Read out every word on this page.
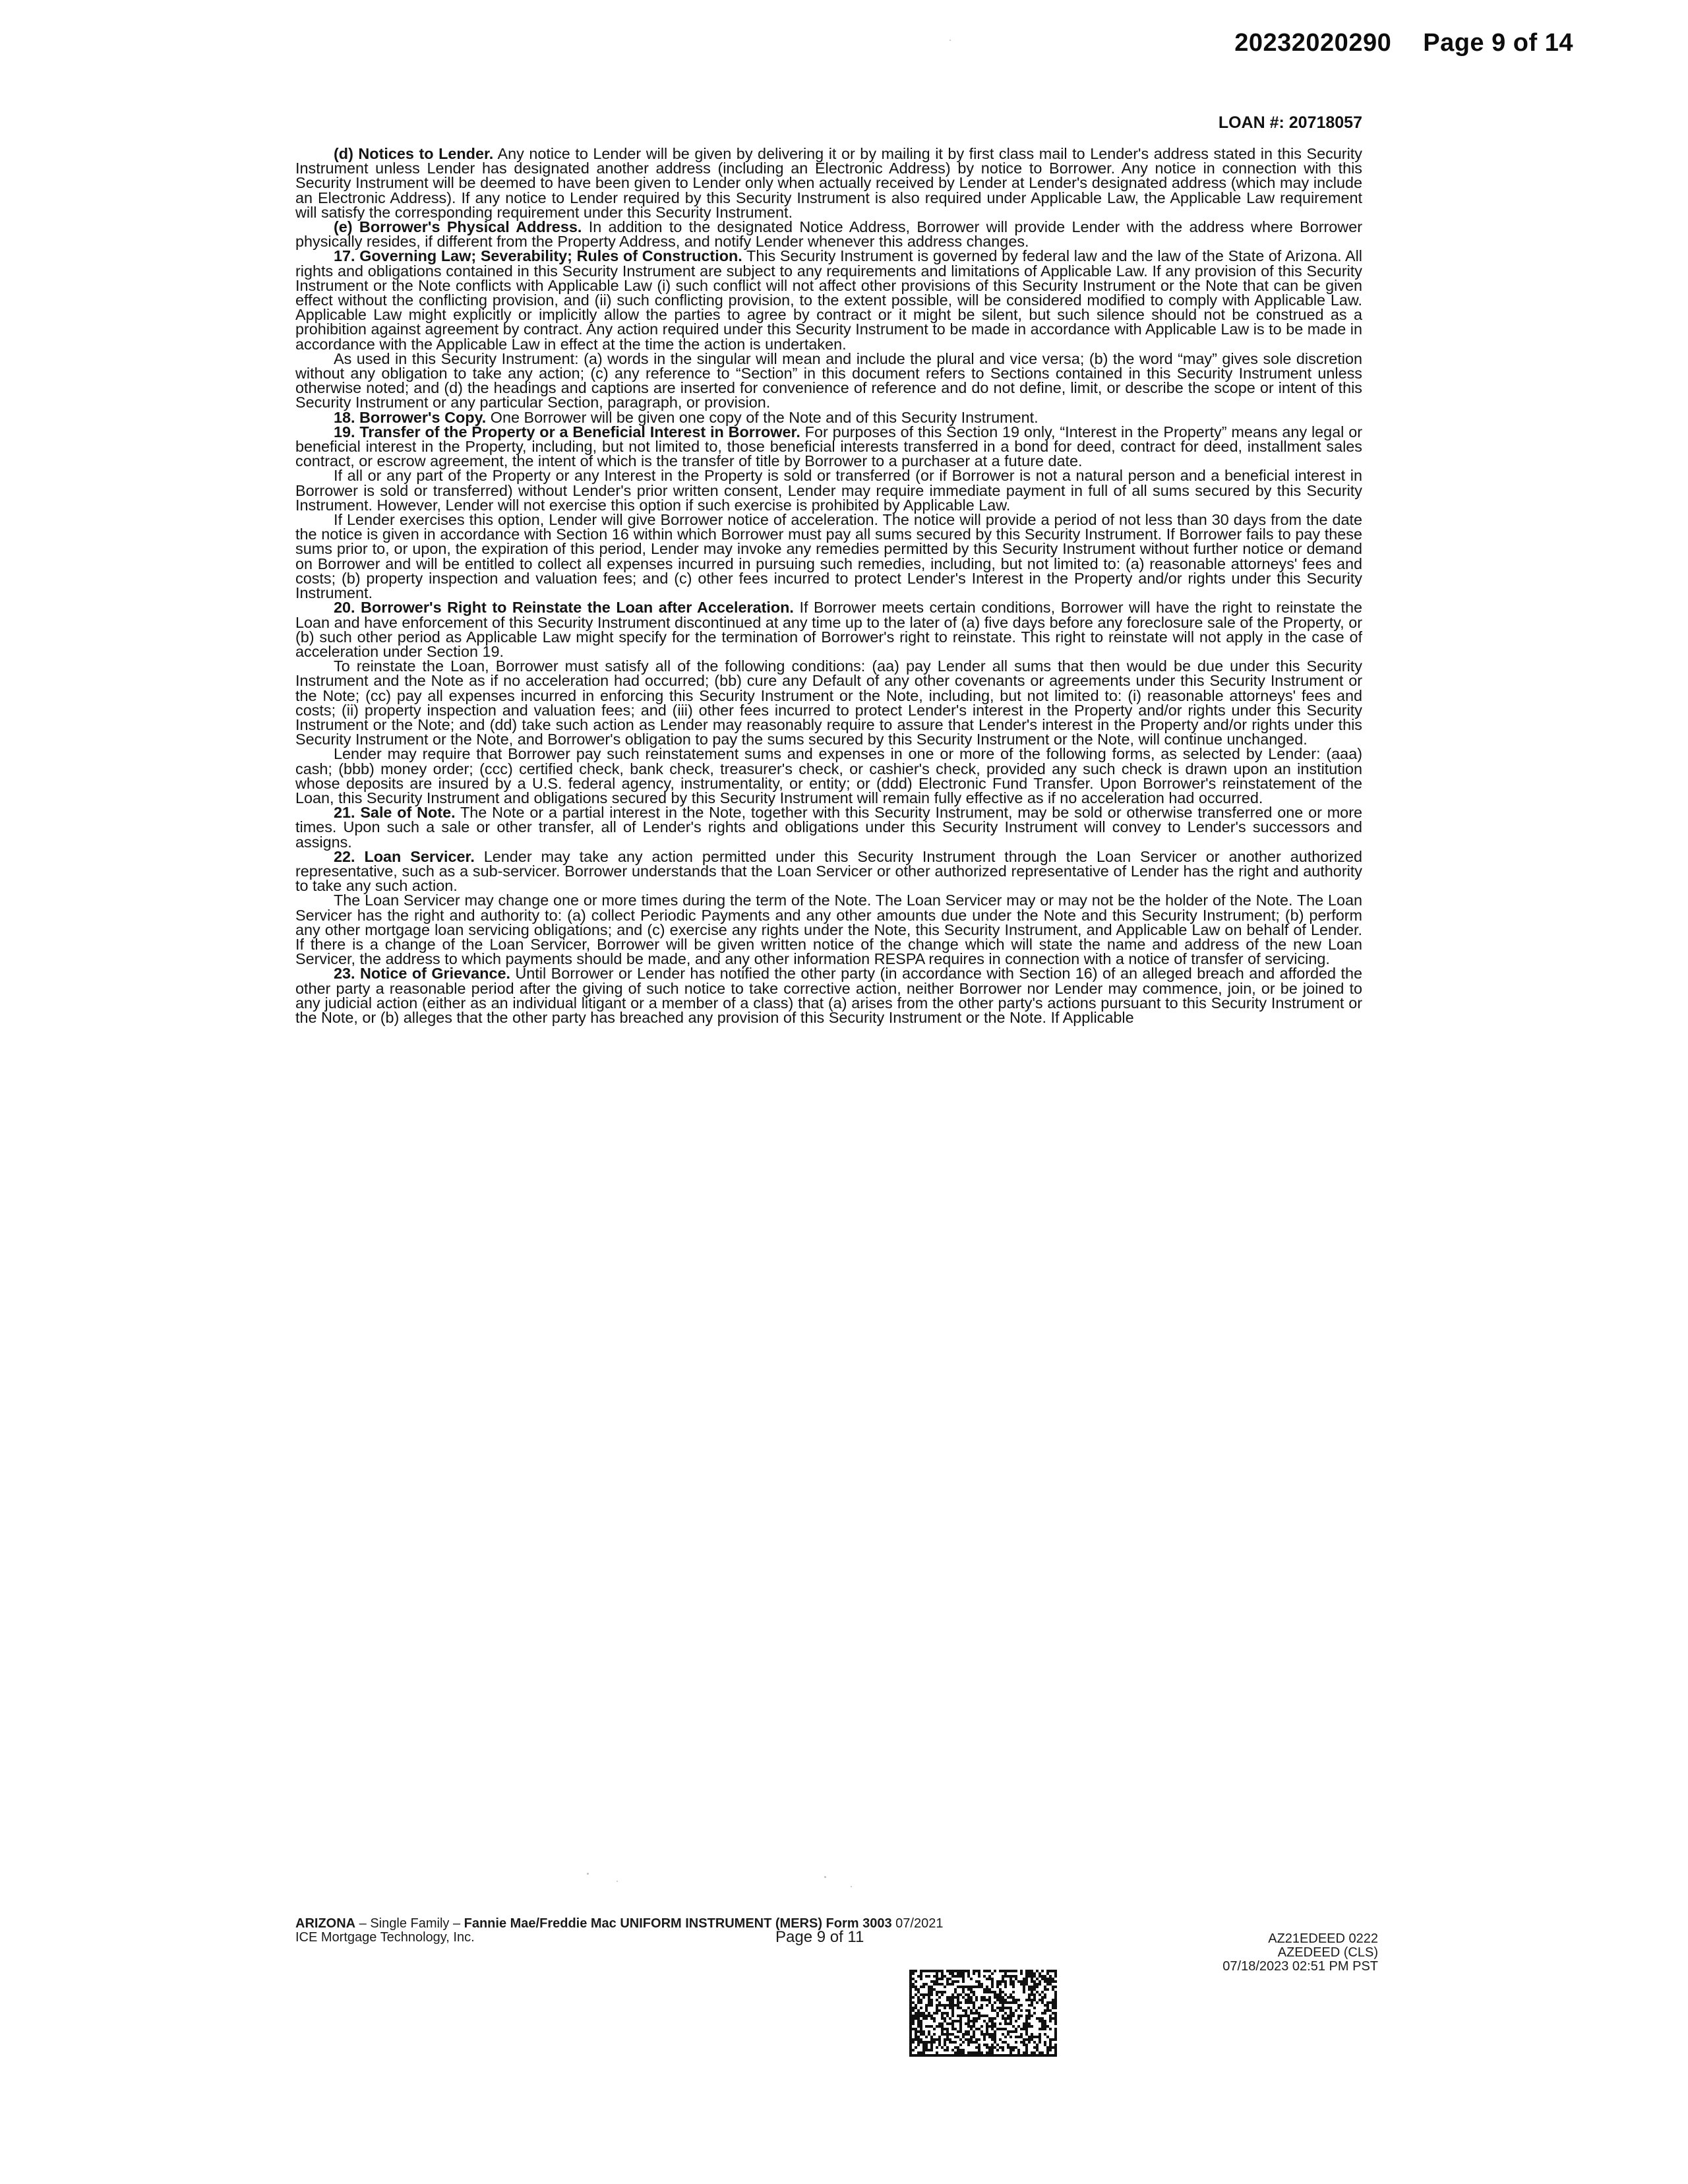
20232020290 Page 9 of 14
LOAN #: 20718057

(d) Notices to Lender. Any notice to Lender will be given by delivering it or by mailing it by first class mail to Lender's address stated in this Security Instrument unless Lender has designated another address (including an Electronic Address) by notice to Borrower. Any notice in connection with this Security Instrument will be deemed to have been given to Lender only when actually received by Lender at Lender's designated address (which may include an Electronic Address). If any notice to Lender required by this Security Instrument is also required under Applicable Law, the Applicable Law requirement will satisfy the corresponding requirement under this Security Instrument.

(e) Borrower's Physical Address. In addition to the designated Notice Address, Borrower will provide Lender with the address where Borrower physically resides, if different from the Property Address, and notify Lender whenever this address changes.

17. Governing Law; Severability; Rules of Construction. This Security Instrument is governed by federal law and the law of the State of Arizona. All rights and obligations contained in this Security Instrument are subject to any requirements and limitations of Applicable Law. If any provision of this Security Instrument or the Note conflicts with Applicable Law (i) such conflict will not affect other provisions of this Security Instrument or the Note that can be given effect without the conflicting provision, and (ii) such conflicting provision, to the extent possible, will be considered modified to comply with Applicable Law. Applicable Law might explicitly or implicitly allow the parties to agree by contract or it might be silent, but such silence should not be construed as a prohibition against agreement by contract. Any action required under this Security Instrument to be made in accordance with Applicable Law is to be made in accordance with the Applicable Law in effect at the time the action is undertaken.

As used in this Security Instrument: (a) words in the singular will mean and include the plural and vice versa; (b) the word “may” gives sole discretion without any obligation to take any action; (c) any reference to “Section” in this document refers to Sections contained in this Security Instrument unless otherwise noted; and (d) the headings and captions are inserted for convenience of reference and do not define, limit, or describe the scope or intent of this Security Instrument or any particular Section, paragraph, or provision.

18. Borrower's Copy. One Borrower will be given one copy of the Note and of this Security Instrument.

19. Transfer of the Property or a Beneficial Interest in Borrower. For purposes of this Section 19 only, “Interest in the Property” means any legal or beneficial interest in the Property, including, but not limited to, those beneficial interests transferred in a bond for deed, contract for deed, installment sales contract, or escrow agreement, the intent of which is the transfer of title by Borrower to a purchaser at a future date.

If all or any part of the Property or any Interest in the Property is sold or transferred (or if Borrower is not a natural person and a beneficial interest in Borrower is sold or transferred) without Lender's prior written consent, Lender may require immediate payment in full of all sums secured by this Security Instrument. However, Lender will not exercise this option if such exercise is prohibited by Applicable Law.

If Lender exercises this option, Lender will give Borrower notice of acceleration. The notice will provide a period of not less than 30 days from the date the notice is given in accordance with Section 16 within which Borrower must pay all sums secured by this Security Instrument. If Borrower fails to pay these sums prior to, or upon, the expiration of this period, Lender may invoke any remedies permitted by this Security Instrument without further notice or demand on Borrower and will be entitled to collect all expenses incurred in pursuing such remedies, including, but not limited to: (a) reasonable attorneys' fees and costs; (b) property inspection and valuation fees; and (c) other fees incurred to protect Lender's Interest in the Property and/or rights under this Security Instrument.

20. Borrower's Right to Reinstate the Loan after Acceleration. If Borrower meets certain conditions, Borrower will have the right to reinstate the Loan and have enforcement of this Security Instrument discontinued at any time up to the later of (a) five days before any foreclosure sale of the Property, or (b) such other period as Applicable Law might specify for the termination of Borrower's right to reinstate. This right to reinstate will not apply in the case of acceleration under Section 19.

To reinstate the Loan, Borrower must satisfy all of the following conditions: (aa) pay Lender all sums that then would be due under this Security Instrument and the Note as if no acceleration had occurred; (bb) cure any Default of any other covenants or agreements under this Security Instrument or the Note; (cc) pay all expenses incurred in enforcing this Security Instrument or the Note, including, but not limited to: (i) reasonable attorneys' fees and costs; (ii) property inspection and valuation fees; and (iii) other fees incurred to protect Lender's interest in the Property and/or rights under this Security Instrument or the Note; and (dd) take such action as Lender may reasonably require to assure that Lender's interest in the Property and/or rights under this Security Instrument or the Note, and Borrower's obligation to pay the sums secured by this Security Instrument or the Note, will continue unchanged.

Lender may require that Borrower pay such reinstatement sums and expenses in one or more of the following forms, as selected by Lender: (aaa) cash; (bbb) money order; (ccc) certified check, bank check, treasurer's check, or cashier's check, provided any such check is drawn upon an institution whose deposits are insured by a U.S. federal agency, instrumentality, or entity; or (ddd) Electronic Fund Transfer. Upon Borrower's reinstatement of the Loan, this Security Instrument and obligations secured by this Security Instrument will remain fully effective as if no acceleration had occurred.

21. Sale of Note. The Note or a partial interest in the Note, together with this Security Instrument, may be sold or otherwise transferred one or more times. Upon such a sale or other transfer, all of Lender's rights and obligations under this Security Instrument will convey to Lender's successors and assigns.

22. Loan Servicer. Lender may take any action permitted under this Security Instrument through the Loan Servicer or another authorized representative, such as a sub-servicer. Borrower understands that the Loan Servicer or other authorized representative of Lender has the right and authority to take any such action.

The Loan Servicer may change one or more times during the term of the Note. The Loan Servicer may or may not be the holder of the Note. The Loan Servicer has the right and authority to: (a) collect Periodic Payments and any other amounts due under the Note and this Security Instrument; (b) perform any other mortgage loan servicing obligations; and (c) exercise any rights under the Note, this Security Instrument, and Applicable Law on behalf of Lender. If there is a change of the Loan Servicer, Borrower will be given written notice of the change which will state the name and address of the new Loan Servicer, the address to which payments should be made, and any other information RESPA requires in connection with a notice of transfer of servicing.

23. Notice of Grievance. Until Borrower or Lender has notified the other party (in accordance with Section 16) of an alleged breach and afforded the other party a reasonable period after the giving of such notice to take corrective action, neither Borrower nor Lender may commence, join, or be joined to any judicial action (either as an individual litigant or a member of a class) that (a) arises from the other party's actions pursuant to this Security Instrument or the Note, or (b) alleges that the other party has breached any provision of this Security Instrument or the Note. If Applicable

ARIZONA – Single Family – Fannie Mae/Freddie Mac UNIFORM INSTRUMENT (MERS) Form 3003 07/2021
ICE Mortgage Technology, Inc.	Page 9 of 11	AZ21EDEED 0222
AZEDEED (CLS)
07/18/2023 02:51 PM PST
